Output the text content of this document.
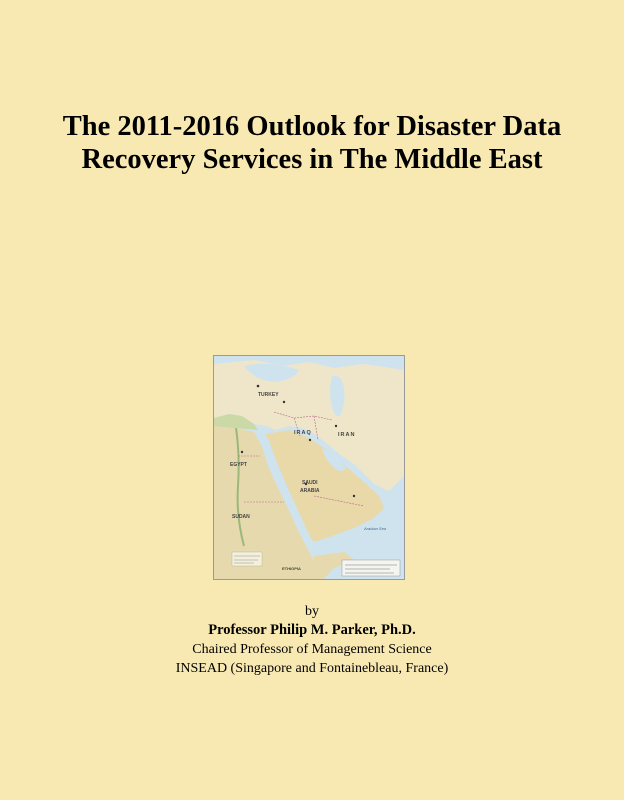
The 2011-2016 Outlook for Disaster Data Recovery Services in The Middle East
TURKEY
IRAQ	IRAN
EGYPT
SAUDI
ARABIA
SUDAN
ETHIOPIA
Arabian Sea
by
Professor Philip M. Parker, Ph.D.
Chaired Professor of Management Science
INSEAD (Singapore and Fontainebleau, France)
